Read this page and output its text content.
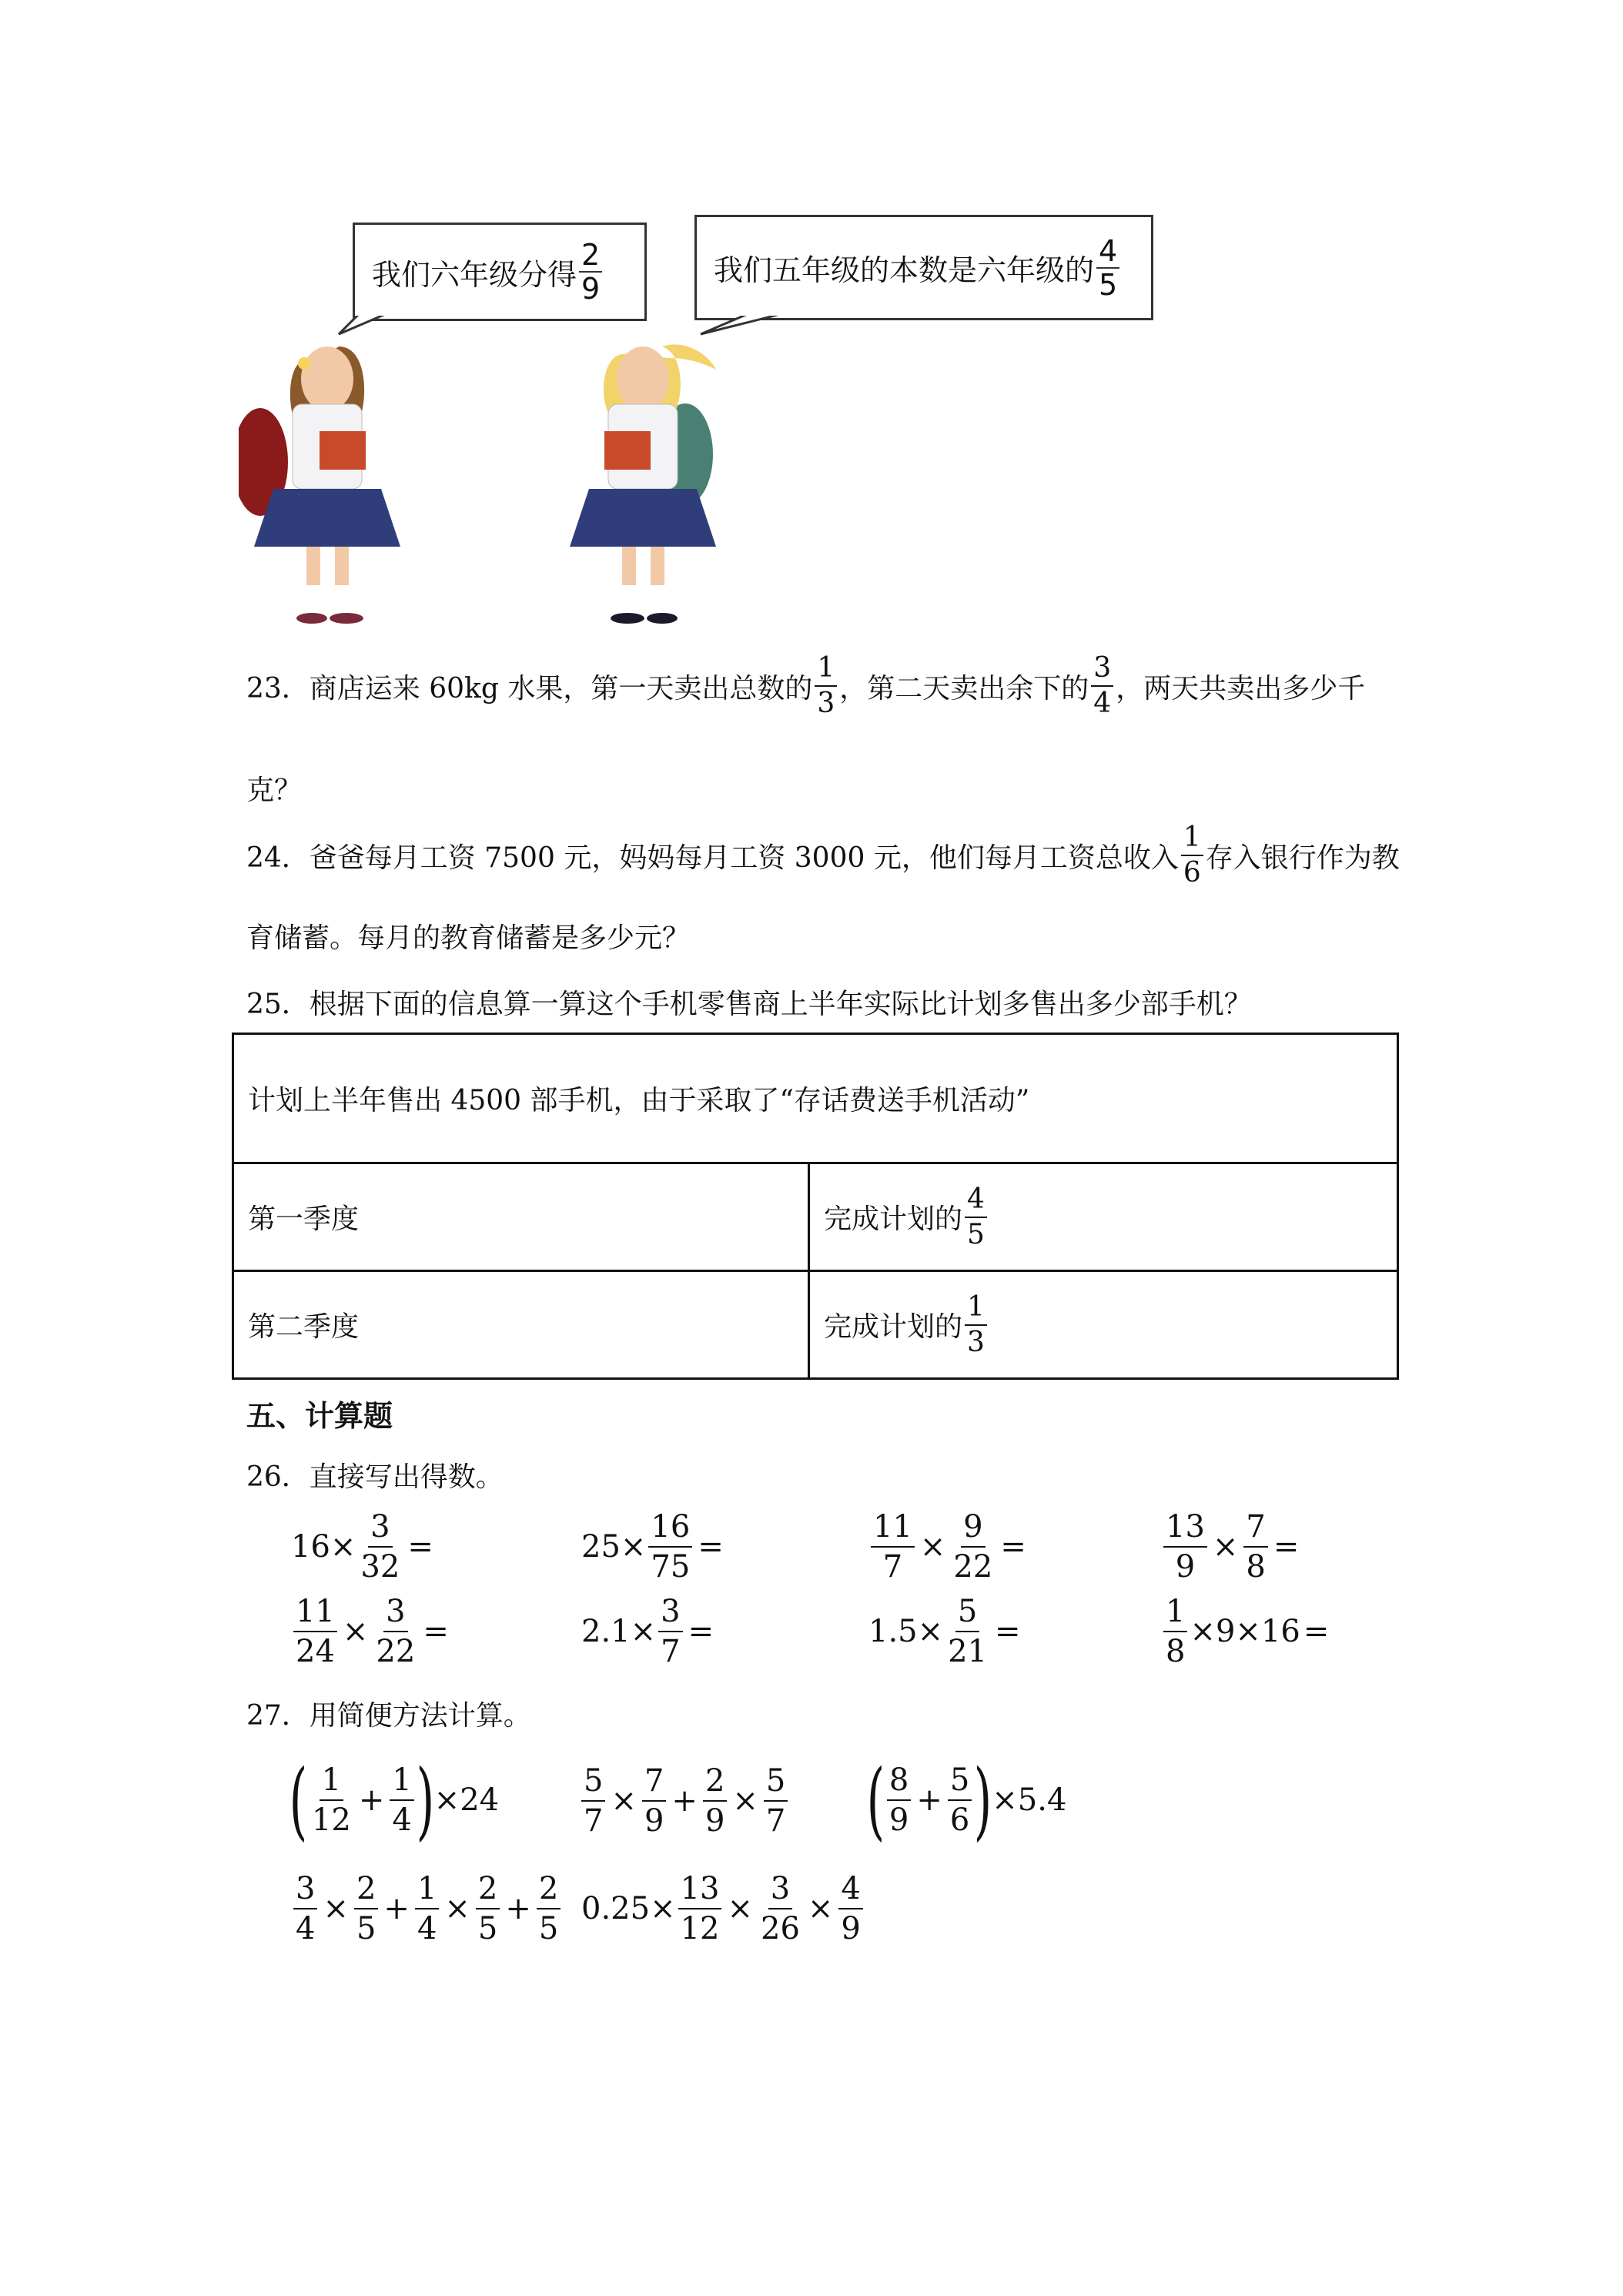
我们六年级分得 $\frac{2}{9}$	我们五年级的本数是六年级的 $\frac{4}{5}$
23．商店运来 60kg 水果，第一天卖出总数的 $\frac{1}{3}$ ，第二天卖出余下的 $\frac{3}{4}$ ，两天共卖出多少千
克？
24．爸爸每月工资 7500 元，妈妈每月工资 3000 元，他们每月工资总收入 $\frac{1}{6}$ 存入银行作为教
育储蓄。每月的教育储蓄是多少元？
25．根据下面的信息算一算这个手机零售商上半年实际比计划多售出多少部手机？
计划上半年售出 4500 部手机，由于采取了“存话费送手机活动”	
第一季度	完成计划的 $\frac{4}{5}$

第二季度	完成计划的 $\frac{1}{3}$
五、计算题
26．直接写出得数。
$16\times \frac{3}{32}$ =	$25\times \frac{16}{75}$ =	$\frac{11}{7} \times \frac{9}{22}$ =	$\frac{13}{9} \times \frac{7}{8}$ =
$\frac{11}{24} \times \frac{3}{22}$ =	$2.1\times \frac{3}{7}$ =	$1.5\times \frac{5}{21}$ =	$\frac{1}{8} \times 9\times 16$ =
27．用简便方法计算。
( $\frac{1}{12} + \frac{1}{4}$ ) ×24	$\frac{5}{7} \times \frac{7}{9} + \frac{2}{9} \times \frac{5}{7}$ ( $\frac{8}{9} + \frac{5}{6}$ ) ×5.4
$\frac{3}{4} \times \frac{2}{5} + \frac{1}{4} \times \frac{2}{5} + \frac{2}{5} 0.25\times \frac{13}{12} \times \frac{3}{26} \times \frac{4}{9}$
